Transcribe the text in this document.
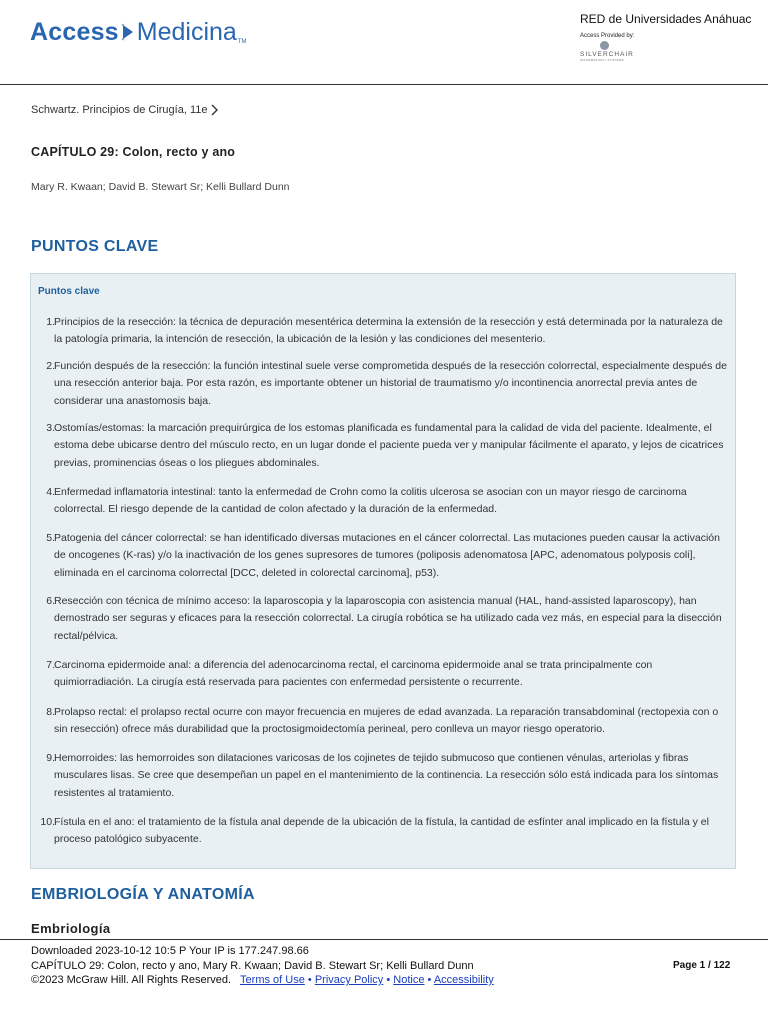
Access Medicina TM
RED de Universidades Anáhuac
Access Provided by:
SILVERCHAIR
INFORMATION / SYSTEMS
Schwartz. Principios de Cirugía, 11e
CAPÍTULO 29: Colon, recto y ano
Mary R. Kwaan; David B. Stewart Sr; Kelli Bullard Dunn
PUNTOS CLAVE
Puntos clave
1. Principios de la resección: la técnica de depuración mesentérica determina la extensión de la resección y está determinada por la naturaleza de
la patología primaria, la intención de resección, la ubicación de la lesión y las condiciones del mesenterio.
2. Función después de la resección: la función intestinal suele verse comprometida después de la resección colorrectal, especialmente después de
una resección anterior baja. Por esta razón, es importante obtener un historial de traumatismo y/o incontinencia anorrectal previa antes de
considerar una anastomosis baja.
3. Ostomías/estomas: la marcación prequirúrgica de los estomas planificada es fundamental para la calidad de vida del paciente. Idealmente, el
estoma debe ubicarse dentro del músculo recto, en un lugar donde el paciente pueda ver y manipular fácilmente el aparato, y lejos de cicatrices
previas, prominencias óseas o los pliegues abdominales.
4. Enfermedad inflamatoria intestinal: tanto la enfermedad de Crohn como la colitis ulcerosa se asocian con un mayor riesgo de carcinoma
colorrectal. El riesgo depende de la cantidad de colon afectado y la duración de la enfermedad.
5. Patogenia del cáncer colorrectal: se han identificado diversas mutaciones en el cáncer colorrectal. Las mutaciones pueden causar la activación
de oncogenes (K-ras) y/o la inactivación de los genes supresores de tumores (poliposis adenomatosa [APC, adenomatous polyposis coli],
eliminada en el carcinoma colorrectal [DCC, deleted in colorectal carcinoma], p53).
6. Resección con técnica de mínimo acceso: la laparoscopia y la laparoscopia con asistencia manual (HAL, hand-assisted laparoscopy), han
demostrado ser seguras y eficaces para la resección colorrectal. La cirugía robótica se ha utilizado cada vez más, en especial para la disección
rectal/pélvica.
7. Carcinoma epidermoide anal: a diferencia del adenocarcinoma rectal, el carcinoma epidermoide anal se trata principalmente con
quimiorradiación. La cirugía está reservada para pacientes con enfermedad persistente o recurrente.
8. Prolapso rectal: el prolapso rectal ocurre con mayor frecuencia en mujeres de edad avanzada. La reparación transabdominal (rectopexia con o
sin resección) ofrece más durabilidad que la proctosigmoidectomía perineal, pero conlleva un mayor riesgo operatorio.
9. Hemorroides: las hemorroides son dilataciones varicosas de los cojinetes de tejido submucoso que contienen vénulas, arteriolas y fibras
musculares lisas. Se cree que desempeñan un papel en el mantenimiento de la continencia. La resección sólo está indicada para los síntomas
resistentes al tratamiento.
10. Fístula en el ano: el tratamiento de la fístula anal depende de la ubicación de la fístula, la cantidad de esfínter anal implicado en la fístula y el
proceso patológico subyacente.
EMBRIOLOGÍA Y ANATOMÍA
Embriología
Downloaded 2023-10-12 10:5 P Your IP is 177.247.98.66
CAPÍTULO 29: Colon, recto y ano, Mary R. Kwaan; David B. Stewart Sr; Kelli Bullard Dunn
©2023 McGraw Hill. All Rights Reserved. Terms of Use • Privacy Policy • Notice • Accessibility
Page 1 / 122
